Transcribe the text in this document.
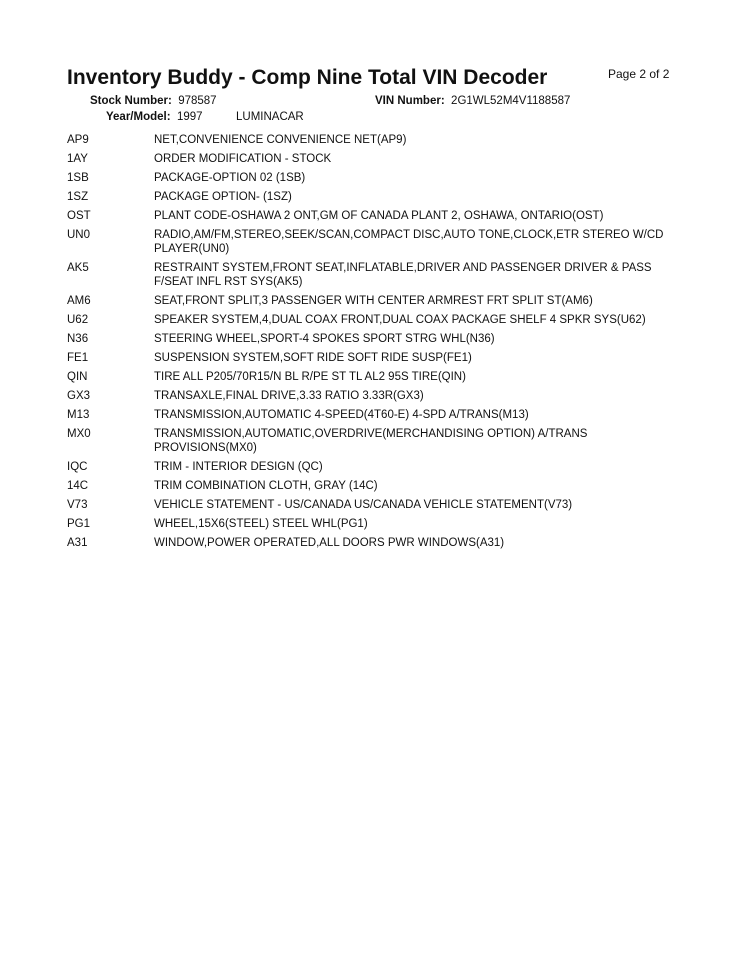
Inventory Buddy - Comp Nine Total VIN Decoder	Page 2 of 2
Stock Number: 978587	VIN Number: 2G1WL52M4V1188587
Year/Model: 1997	LUMINACAR
AP9	NET,CONVENIENCE CONVENIENCE NET(AP9)
1AY	ORDER MODIFICATION - STOCK
1SB	PACKAGE-OPTION 02 (1SB)
1SZ	PACKAGE OPTION- (1SZ)
OST	PLANT CODE-OSHAWA 2 ONT,GM OF CANADA PLANT 2, OSHAWA, ONTARIO(OST)
UN0	RADIO,AM/FM,STEREO,SEEK/SCAN,COMPACT DISC,AUTO TONE,CLOCK,ETR STEREO W/CD PLAYER(UN0)
AK5	RESTRAINT SYSTEM,FRONT SEAT,INFLATABLE,DRIVER AND PASSENGER DRIVER & PASS F/SEAT INFL RST SYS(AK5)
AM6	SEAT,FRONT SPLIT,3 PASSENGER WITH CENTER ARMREST FRT SPLIT ST(AM6)
U62	SPEAKER SYSTEM,4,DUAL COAX FRONT,DUAL COAX PACKAGE SHELF 4 SPKR SYS(U62)
N36	STEERING WHEEL,SPORT-4 SPOKES SPORT STRG WHL(N36)
FE1	SUSPENSION SYSTEM,SOFT RIDE SOFT RIDE SUSP(FE1)
QIN	TIRE ALL P205/70R15/N BL R/PE ST TL AL2 95S TIRE(QIN)
GX3	TRANSAXLE,FINAL DRIVE,3.33 RATIO 3.33R(GX3)
M13	TRANSMISSION,AUTOMATIC 4-SPEED(4T60-E) 4-SPD A/TRANS(M13)
MX0	TRANSMISSION,AUTOMATIC,OVERDRIVE(MERCHANDISING OPTION) A/TRANS PROVISIONS(MX0)
IQC	TRIM - INTERIOR DESIGN (QC)
14C	TRIM COMBINATION CLOTH, GRAY (14C)
V73	VEHICLE STATEMENT - US/CANADA US/CANADA VEHICLE STATEMENT(V73)
PG1	WHEEL,15X6(STEEL) STEEL WHL(PG1)
A31	WINDOW,POWER OPERATED,ALL DOORS PWR WINDOWS(A31)
